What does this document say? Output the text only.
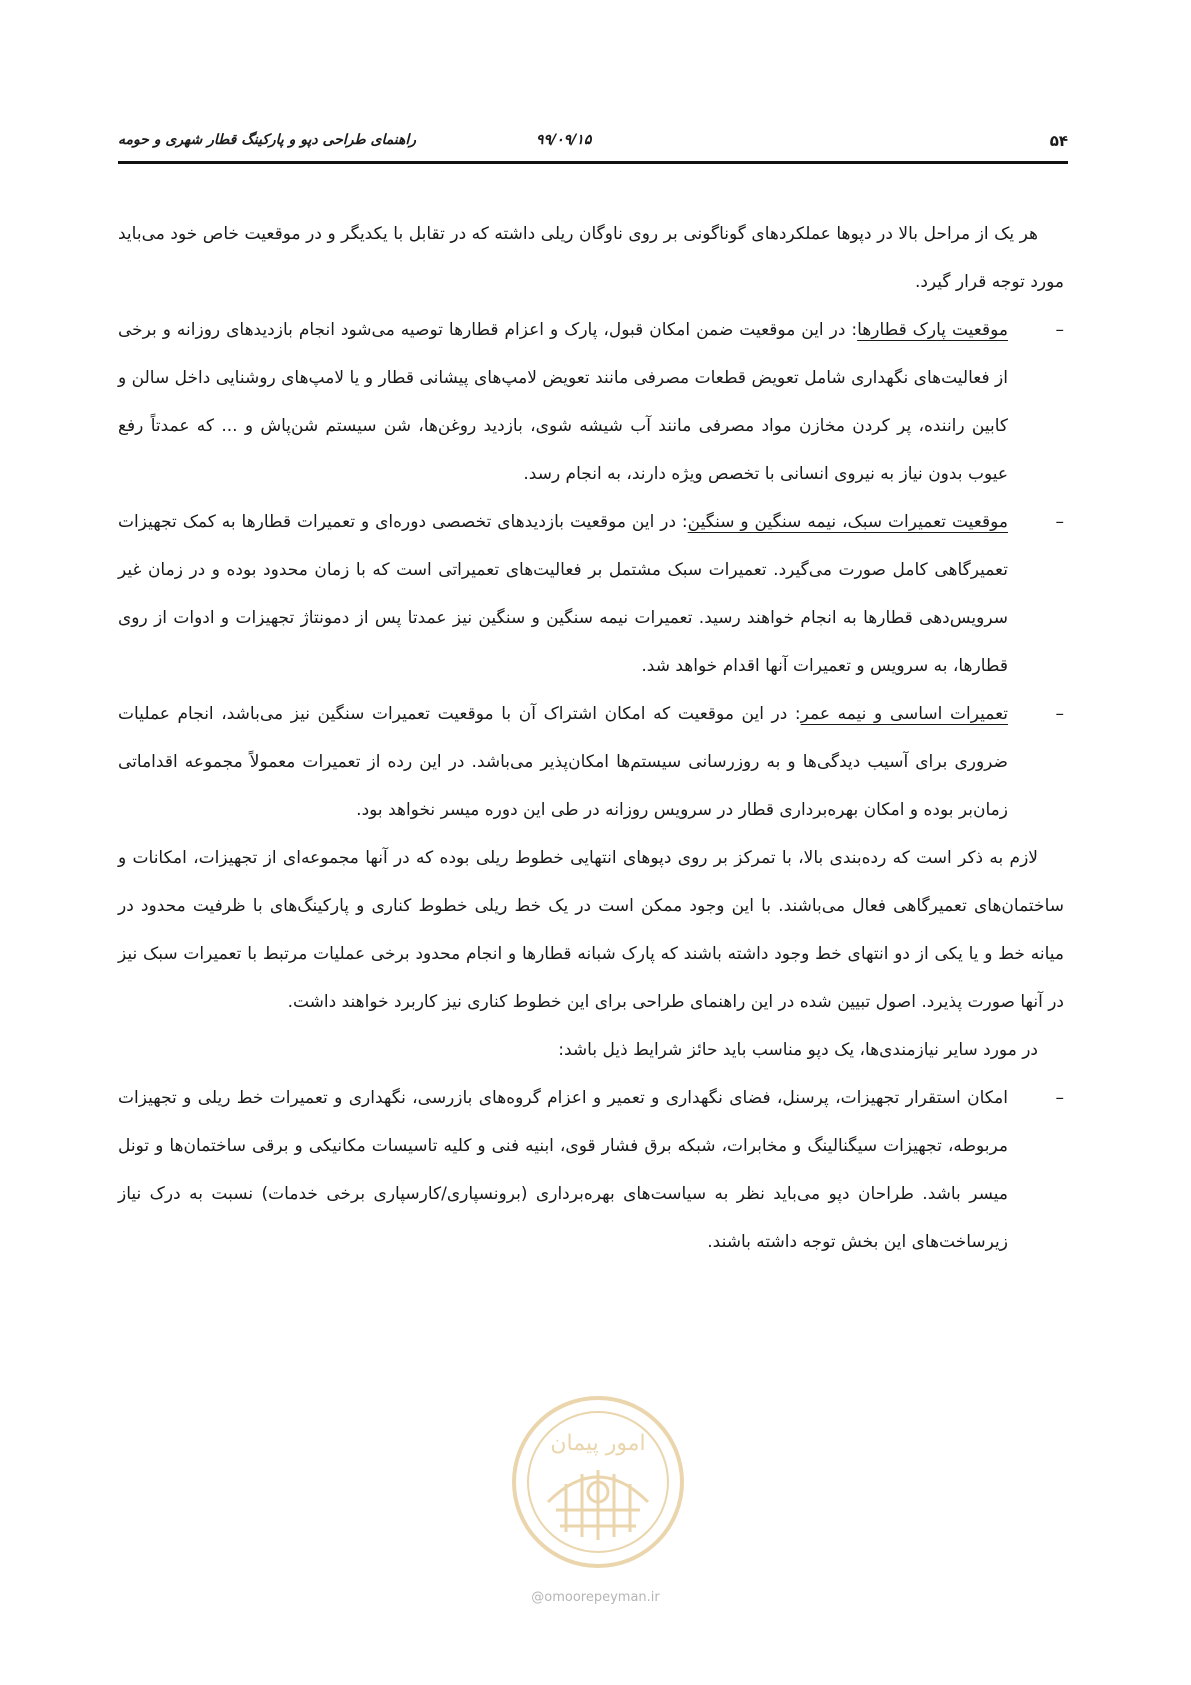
۵۴
۹۹/۰۹/۱۵
راهنمای طراحی دپو و پارکینگ قطار شهری و حومه

هر یک از مراحل بالا در دپوها عملکردهای گوناگونی بر روی ناوگان ریلی داشته که در تقابل با یکدیگر و در موقعیت خاص خود می‌باید مورد توجه قرار گیرد.

–
موقعیت پارک قطارها: در این موقعیت ضمن امکان قبول، پارک و اعزام قطارها توصیه می‌شود انجام بازدیدهای روزانه و برخی از فعالیت‌های نگهداری شامل تعویض قطعات مصرفی مانند تعویض لامپ‌های پیشانی قطار و یا لامپ‌های روشنایی داخل سالن و کابین راننده، پر کردن مخازن مواد مصرفی مانند آب شیشه شوی، بازدید روغن‌ها، شن سیستم شن‌پاش و ... که عمدتاً رفع عیوب بدون نیاز به نیروی انسانی با تخصص ویژه دارند، به انجام رسد.
–
موقعیت تعمیرات سبک، نیمه سنگین و سنگین: در این موقعیت بازدیدهای تخصصی دوره‌ای و تعمیرات قطارها به کمک تجهیزات تعمیرگاهی کامل صورت می‌گیرد. تعمیرات سبک مشتمل بر فعالیت‌های تعمیراتی است که با زمان محدود بوده و در زمان غیر سرویس‌دهی قطارها به انجام خواهند رسید. تعمیرات نیمه سنگین و سنگین نیز عمدتا پس از دمونتاژ تجهیزات و ادوات از روی قطارها، به سرویس و تعمیرات آنها اقدام خواهد شد.
–
تعمیرات اساسی و نیمه عمر: در این موقعیت که امکان اشتراک آن با موقعیت تعمیرات سنگین نیز می‌باشد، انجام عملیات ضروری برای آسیب دیدگی‌ها و به روزرسانی سیستم‌ها امکان‌پذیر می‌باشد. در این رده از تعمیرات معمولاً مجموعه اقداماتی زمان‌بر بوده و امکان بهره‌برداری قطار در سرویس روزانه در طی این دوره میسر نخواهد بود.

لازم به ذکر است که رده‌بندی بالا، با تمرکز بر روی دپوهای انتهایی خطوط ریلی بوده که در آنها مجموعه‌ای از تجهیزات، امکانات و ساختمان‌های تعمیرگاهی فعال می‌باشند. با این وجود ممکن است در یک خط ریلی خطوط کناری و پارکینگ‌های با ظرفیت محدود در میانه خط و یا یکی از دو انتهای خط وجود داشته باشند که پارک شبانه قطارها و انجام محدود برخی عملیات مرتبط با تعمیرات سبک نیز در آنها صورت پذیرد. اصول تبیین شده در این راهنمای طراحی برای این خطوط کناری نیز کاربرد خواهند داشت.

در مورد سایر نیازمندی‌ها، یک دپو مناسب باید حائز شرایط ذیل باشد:

–
امکان استقرار تجهیزات، پرسنل، فضای نگهداری و تعمیر و اعزام گروه‌های بازرسی، نگهداری و تعمیرات خط ریلی و تجهیزات مربوطه، تجهیزات سیگنالینگ و مخابرات، شبکه برق فشار قوی، ابنیه فنی و کلیه تاسیسات مکانیکی و برقی ساختمان‌ها و تونل میسر باشد. طراحان دپو می‌باید نظر به سیاست‌های بهره‌برداری (برونسپاری/کارسپاری برخی خدمات) نسبت به درک نیاز زیرساخت‌های این بخش توجه داشته باشند.
امور پیمان
@omoorepeyman.ir
